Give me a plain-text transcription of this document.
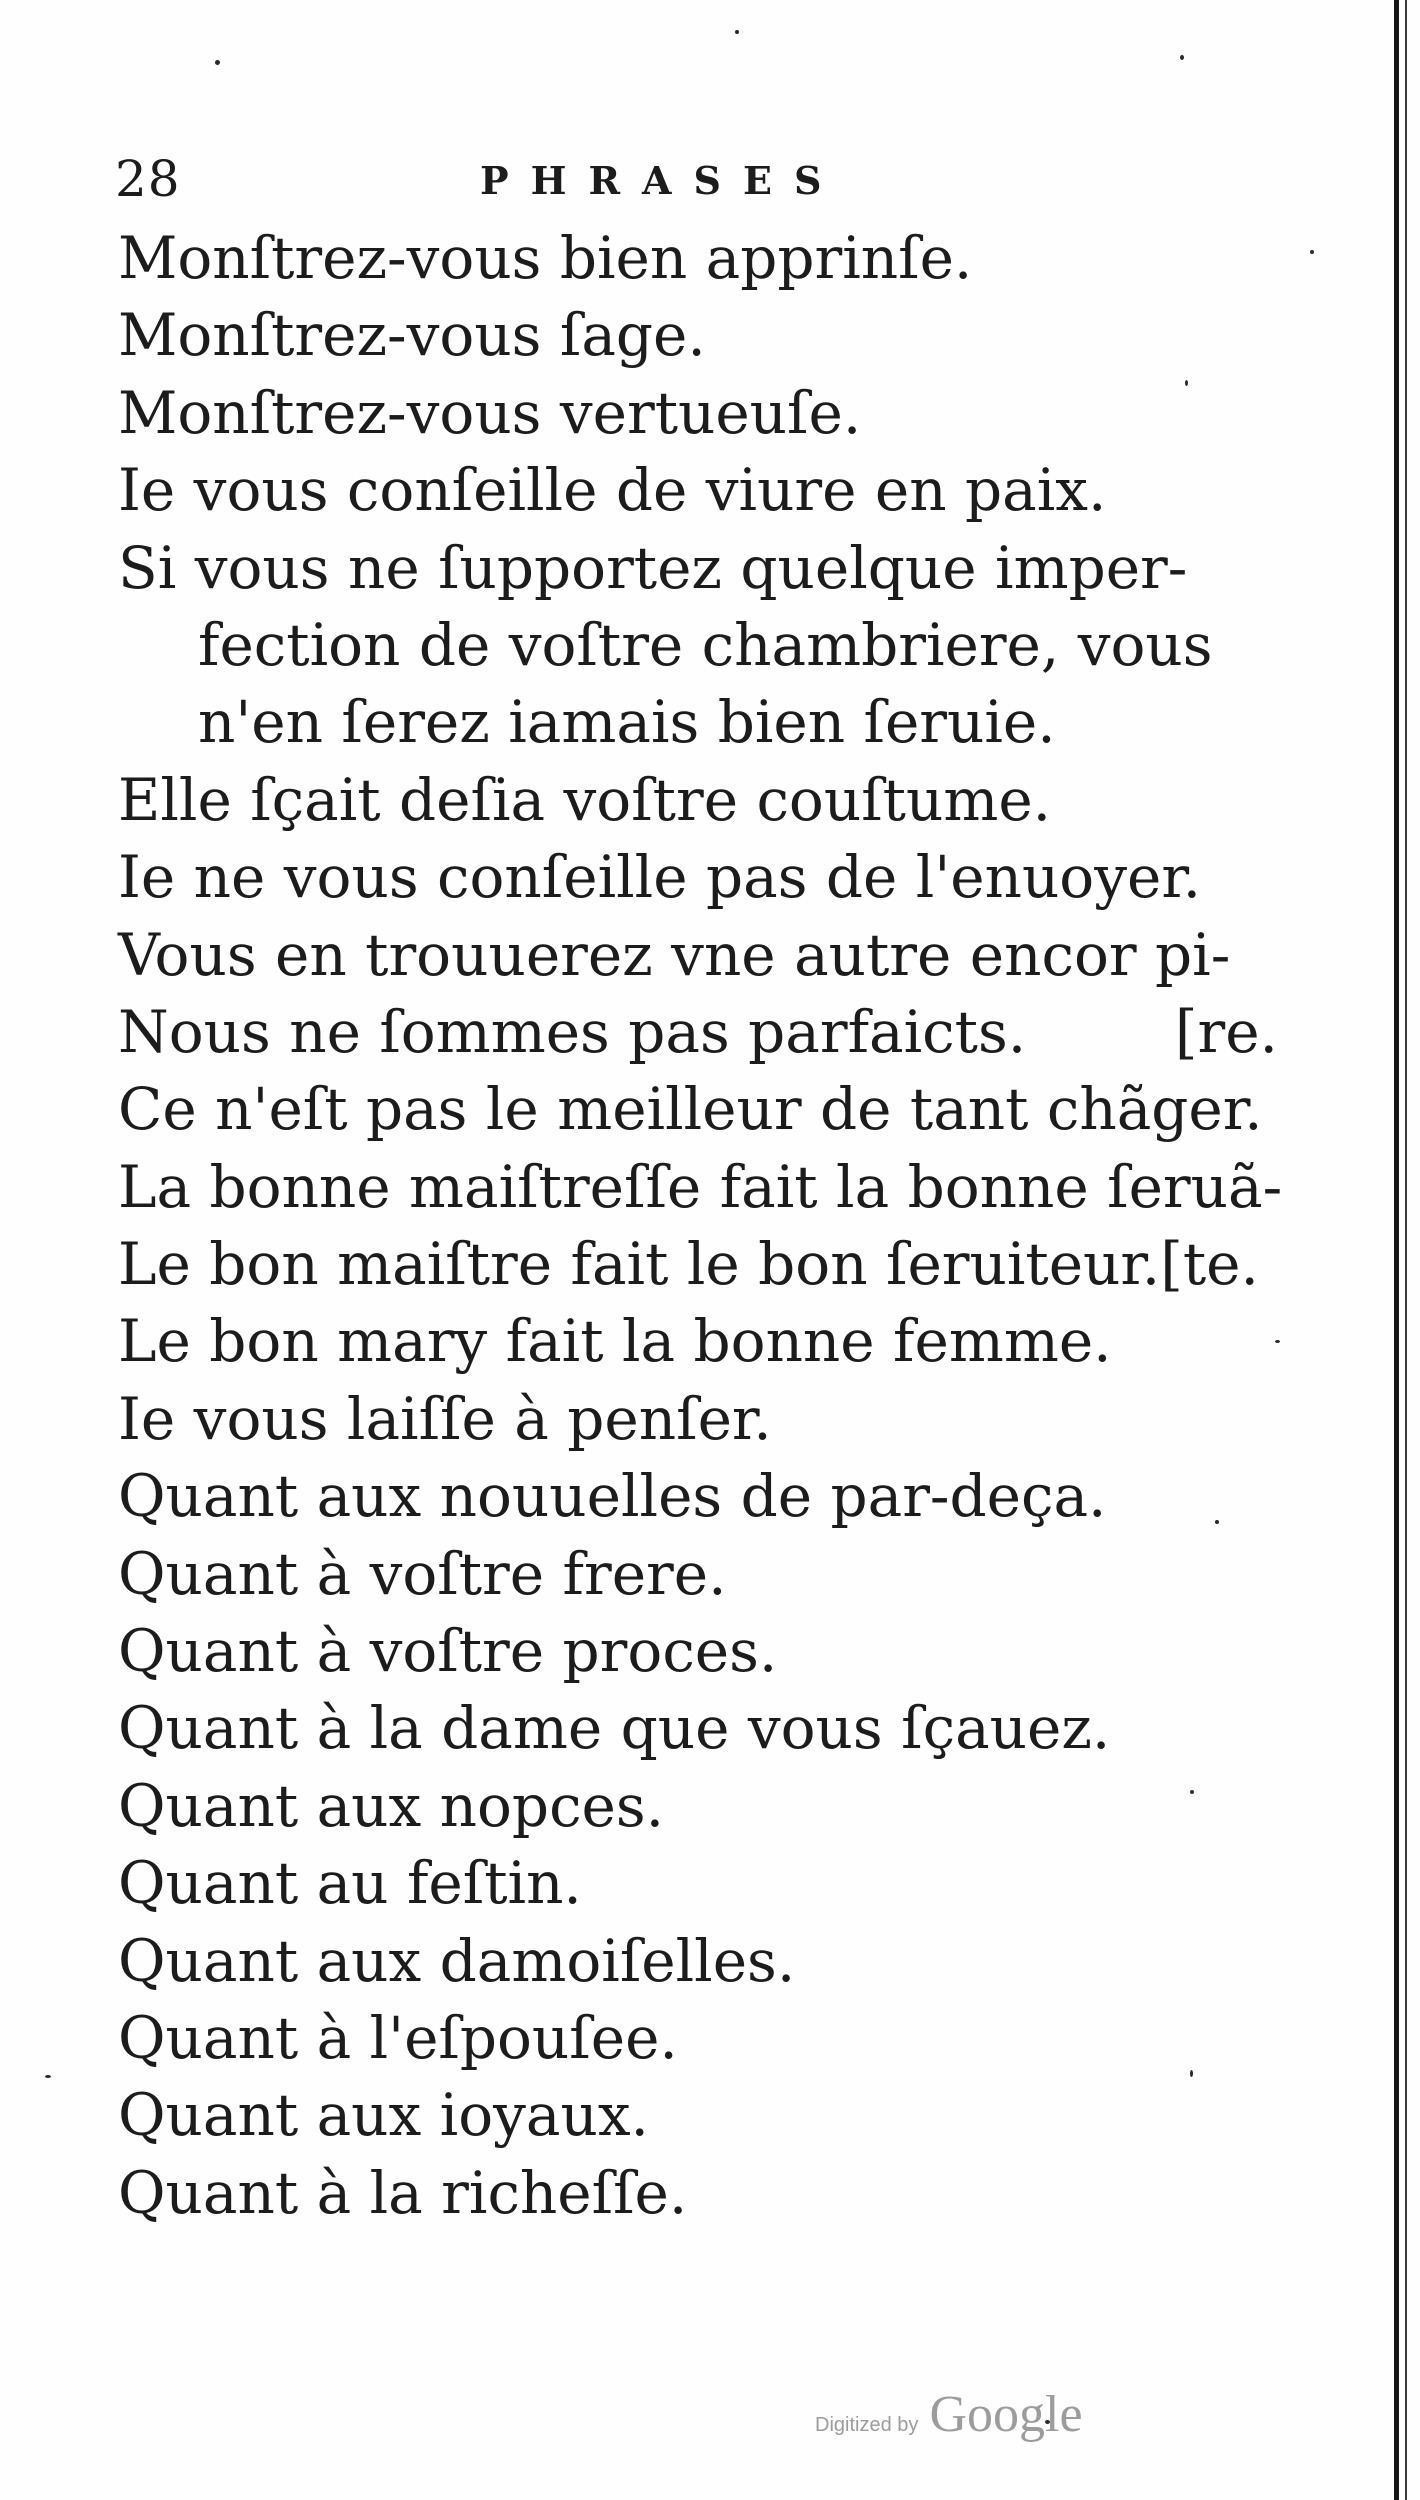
28	PHRASES
Monſtrez-vous bien apprinſe.
Monſtrez-vous ſage.
Monſtrez-vous vertueuſe.
Ie vous conſeille de viure en paix.
Si vous ne ſupportez quelque imper-
fection de voſtre chambriere, vous
n'en ſerez iamais bien ſeruie.
Elle ſçait deſia voſtre couſtume.
Ie ne vous conſeille pas de l'enuoyer.
Vous en trouuerez vne autre encor pi-
Nous ne ſommes pas parfaicts.	[re.
Ce n'eſt pas le meilleur de tant chãger.
La bonne maiſtreſſe fait la bonne ſeruã-
Le bon maiſtre fait le bon ſeruiteur.[te.
Le bon mary fait la bonne femme.
Ie vous laiſſe à penſer.
Quant aux nouuelles de par-deça.
Quant à voſtre frere.
Quant à voſtre proces.
Quant à la dame que vous ſçauez.
Quant aux nopces.
Quant au feſtin.
Quant aux damoiſelles.
Quant à l'eſpouſee.
Quant aux ioyaux.
Quant à la richeſſe.
Digitized by Google
